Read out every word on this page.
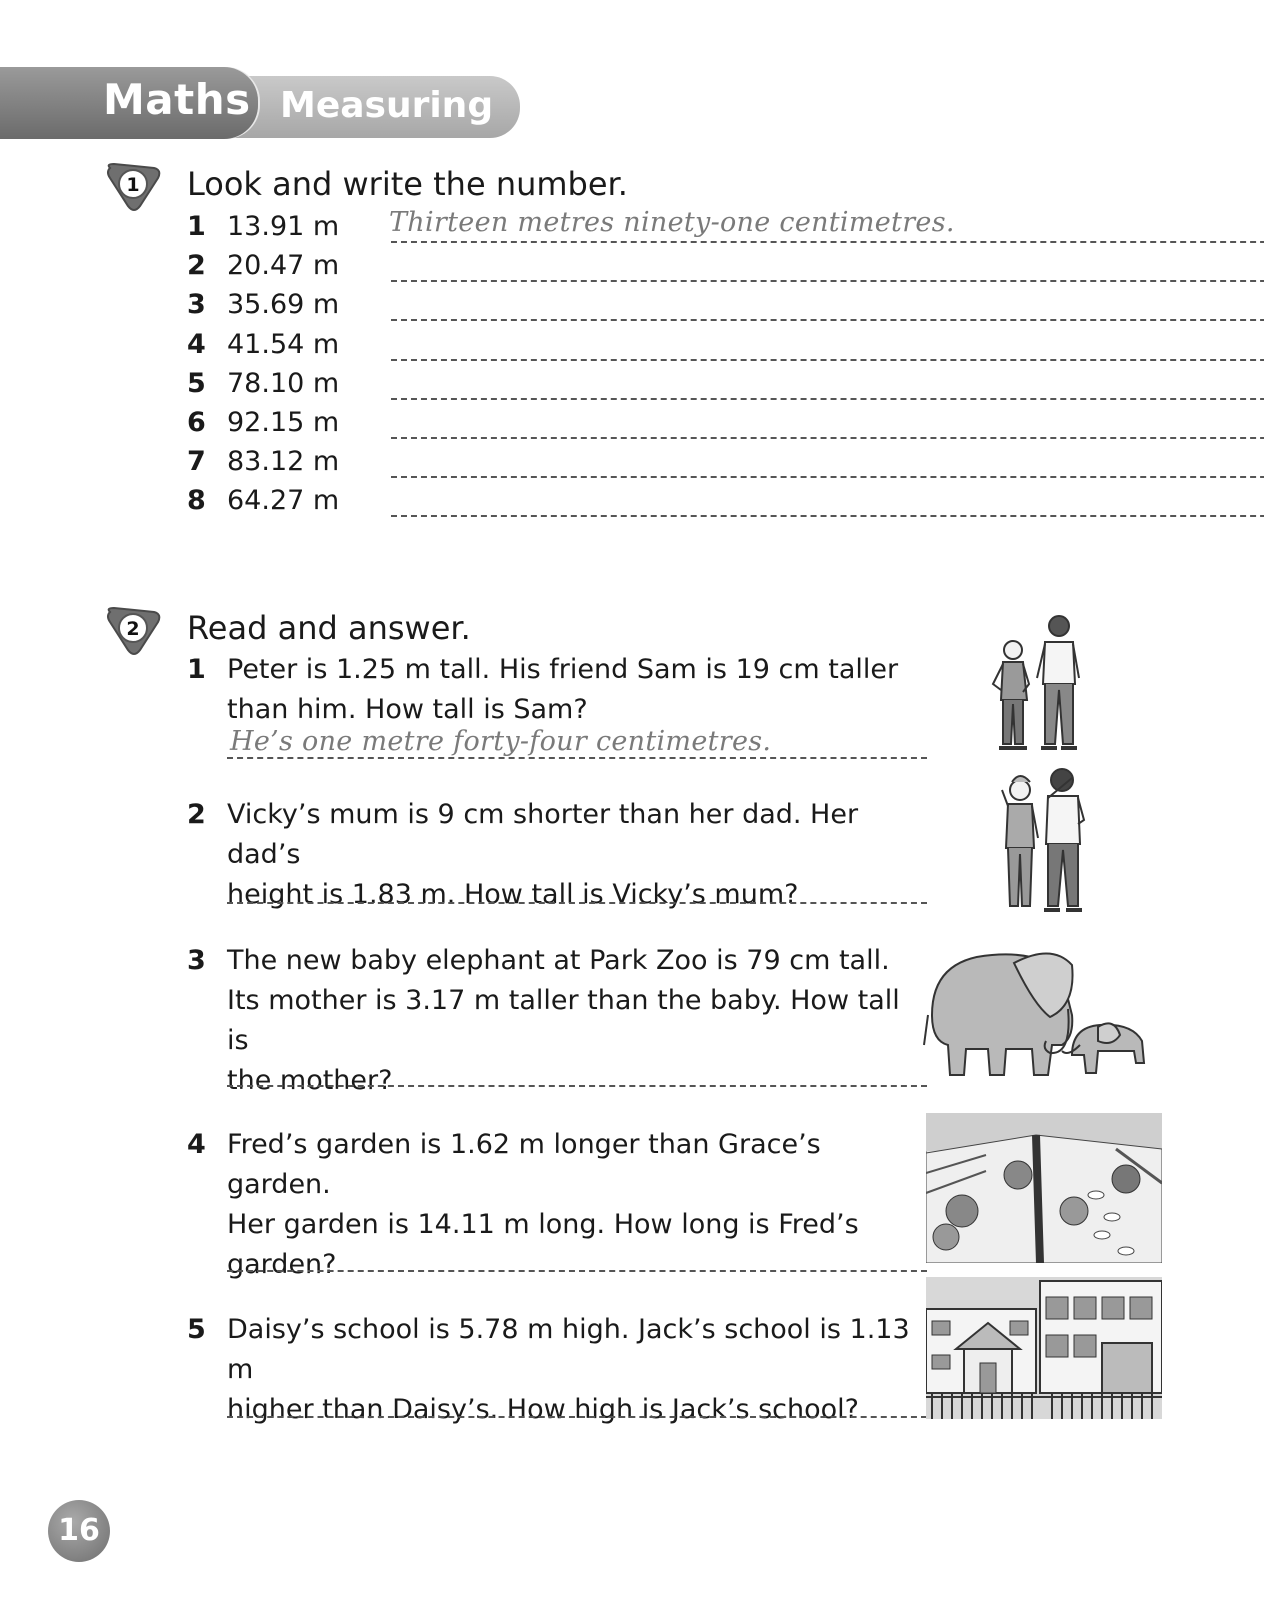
Maths Measuring
1 Look and write the number.
1 13.91 m Thirteen metres ninety-one centimetres.
2 20.47 m
3 35.69 m
4 41.54 m
5 78.10 m
6 92.15 m
7 83.12 m
8 64.27 m
2 Read and answer.
1 Peter is 1.25 m tall. His friend Sam is 19 cm taller
than him. How tall is Sam?
He’s one metre forty-four centimetres.
2 Vicky’s mum is 9 cm shorter than her dad. Her dad’s
height is 1.83 m. How tall is Vicky’s mum?
3 The new baby elephant at Park Zoo is 79 cm tall.
Its mother is 3.17 m taller than the baby. How tall is
the mother?
4 Fred’s garden is 1.62 m longer than Grace’s garden.
Her garden is 14.11 m long. How long is Fred’s
garden?
5 Daisy’s school is 5.78 m high. Jack’s school is 1.13 m
higher than Daisy’s. How high is Jack’s school?
16
